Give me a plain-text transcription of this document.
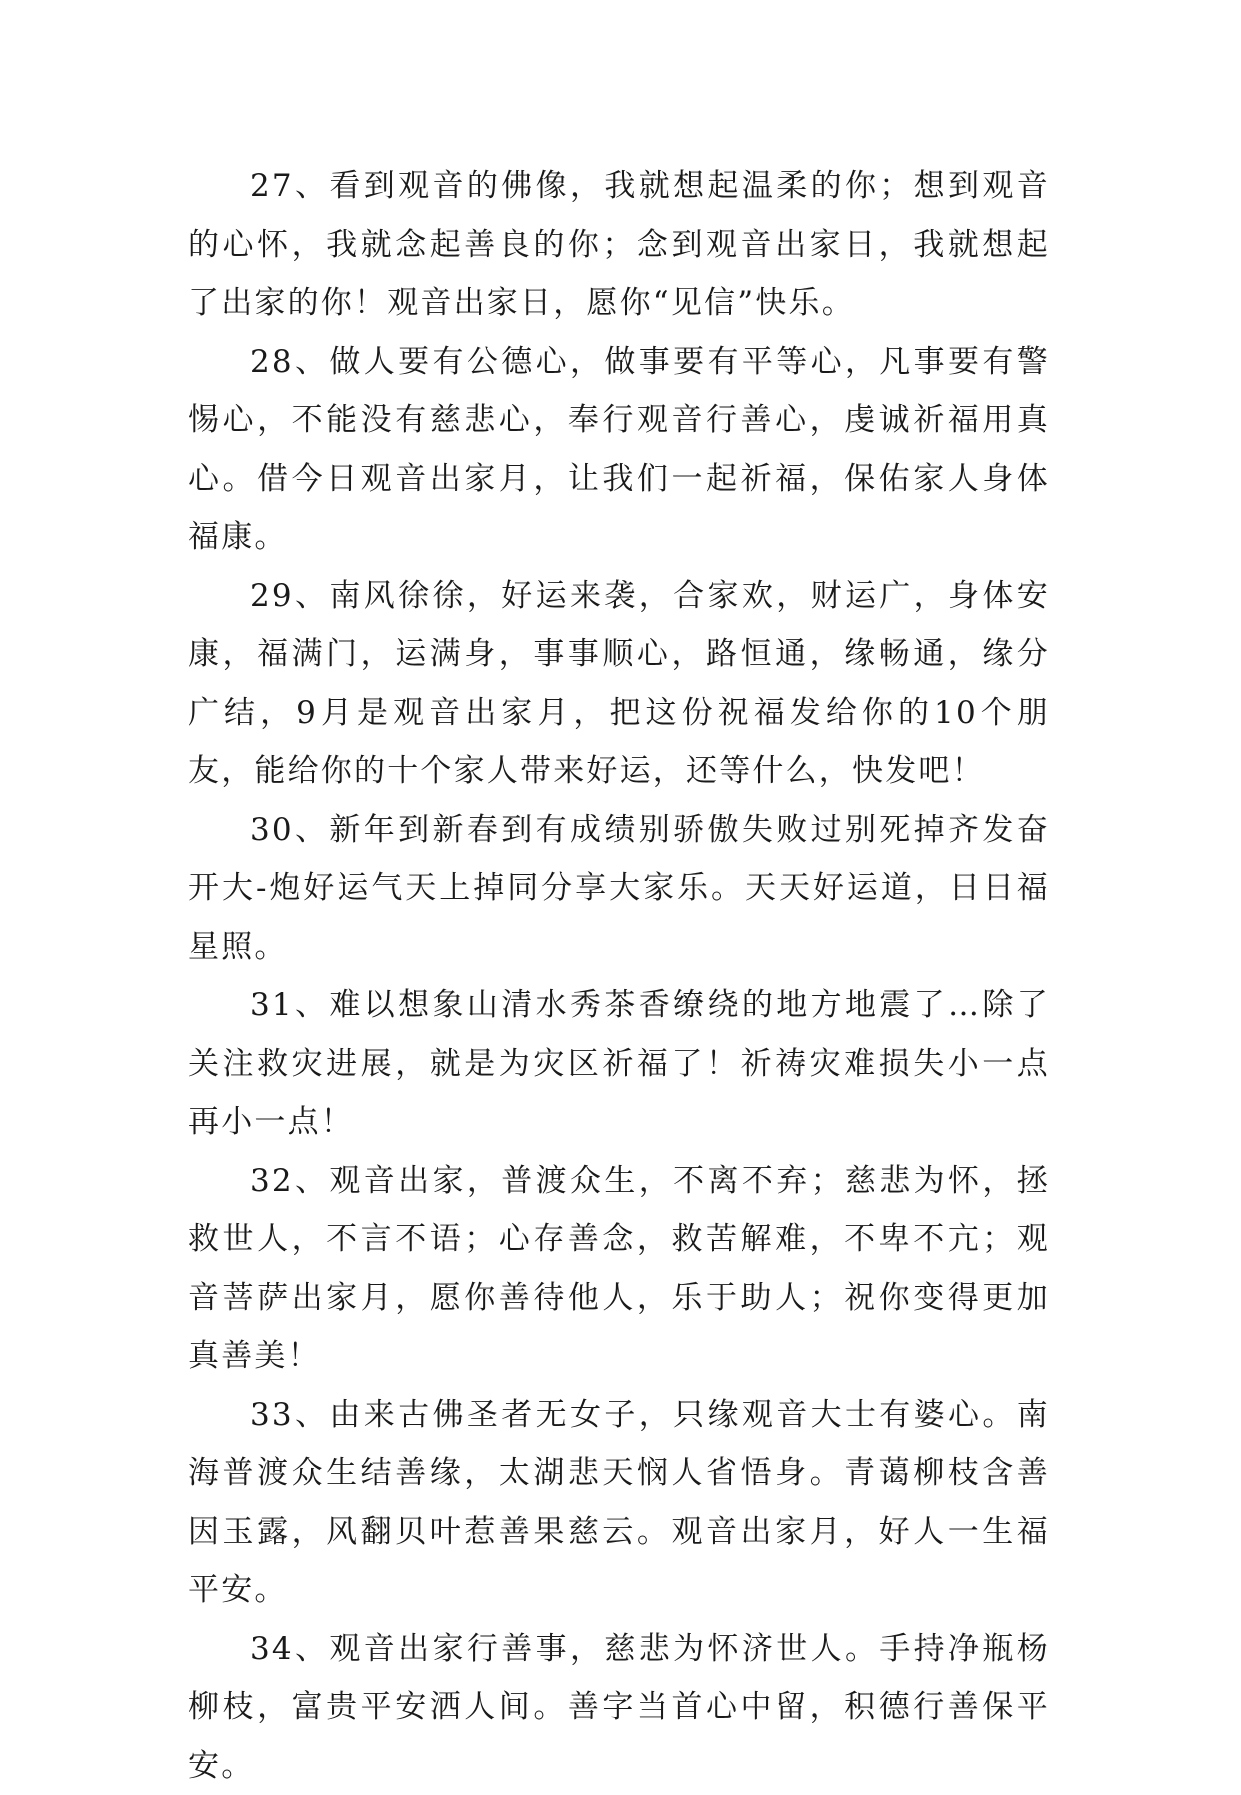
27、看到观音的佛像，我就想起温柔的你；想到观音的心怀，我就念起善良的你；念到观音出家日，我就想起了出家的你！观音出家日，愿你“见信”快乐。

28、做人要有公德心，做事要有平等心，凡事要有警惕心，不能没有慈悲心，奉行观音行善心，虔诚祈福用真心。借今日观音出家月，让我们一起祈福，保佑家人身体福康。

29、南风徐徐，好运来袭，合家欢，财运广，身体安康，福满门，运满身，事事顺心，路恒通，缘畅通，缘分广结，9月是观音出家月，把这份祝福发给你的10个朋友，能给你的十个家人带来好运，还等什么，快发吧！

30、新年到新春到有成绩别骄傲失败过别死掉齐发奋开大-炮好运气天上掉同分享大家乐。天天好运道，日日福星照。

31、难以想象山清水秀茶香缭绕的地方地震了…除了关注救灾进展，就是为灾区祈福了！祈祷灾难损失小一点再小一点！

32、观音出家，普渡众生，不离不弃；慈悲为怀，拯救世人，不言不语；心存善念，救苦解难，不卑不亢；观音菩萨出家月，愿你善待他人，乐于助人；祝你变得更加真善美！

33、由来古佛圣者无女子，只缘观音大士有婆心。南海普渡众生结善缘，太湖悲天悯人省悟身。青蔼柳枝含善因玉露，风翻贝叶惹善果慈云。观音出家月，好人一生福平安。

34、观音出家行善事，慈悲为怀济世人。手持净瓶杨柳枝，富贵平安洒人间。善字当首心中留，积德行善保平安。
